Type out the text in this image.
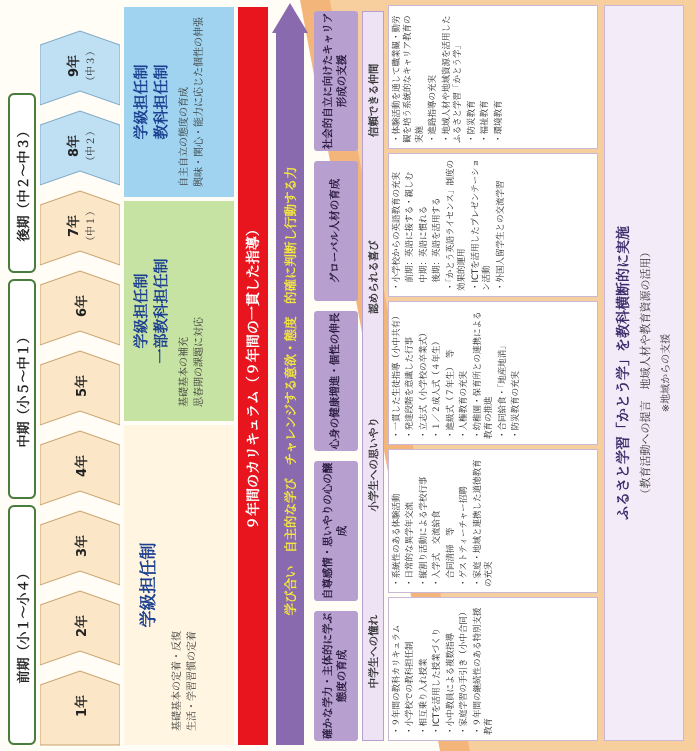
前期（小１〜小４）
中期（小５〜中１）
後期（中２〜中３）
1年
2年
3年
4年
5年
6年
7年 （中１）
8年 （中２）
9年 （中３）
学級担任制
基礎基本の定着・反復 生活・学習習慣の定着
学級担任制
一部教科担任制
基礎基本の補充 思春期の課題に対応
学級担任制
教科担任制 自主自立の態度の育成 興味・関心・能力に応じた個性の伸張
９年間のカリキュラム（９年間の一貫した指導） 学び合い　自主的な学び　チャレンジする意欲・態度　的確に判断し行動する力
確かな学力・主体的に学ぶ態度の育成
自尊感情・思いやりの心の醸成
心身の健康増進・個性の伸長
グローバル人材の育成
社会的自立に向けたキャリア形成の支援
中学生への憧れ
小学生への思いやり
認められる喜び
信頼できる仲間
・９年間の教科カリキュラム ・小学校での教科担任制 ・相互乗り入れ授業 ・ICTを活用した授業づくり ・小中教員による複数指導 ・家庭学習の手引き（小中合同） ・９年間の継続性のある特別支援教育
・系統性のある体験活動 ・日常的な異学年交流 ・縦割り活動による学校行事 ・入学式　交流給食 　合同清掃　等 ・ゲストティーチャー招聘 ・家庭・地域と連携した道徳教育の充実
・一貫した生徒指導（小中共有） ・発達段階を意識した行事 ・立志式（小学校の卒業式） ・１／２成人式（４年生） ・進級式（７年生）　等 ・人権教育の充実 ・幼稚園・保育所との連携による教育の推進 ・合同給食・「地産地消」 ・防災教育の充実
・小学校からの英語教育の充実 　前期：英語に接する・親しむ 　中期：英語に慣れる 　後期：英語を活用する ・「かとう英語ライセンス」制度の効果的運用 ・ICTを活用したプレゼンテーション活動 ・外国人留学生との交流学習
・体験活動を通して職業観・勤労観を培う系統的なキャリア教育の実施 ・進路指導の充実 ・地域人材や地域資源を活用したふるさと学習「かとう学」 ・防災教育 ・福祉教育 ・環境教育
ふるさと学習「かとう学」を教科横断的に実施 （教育活動への提言　地域人材や教育資源の活用） ※地域からの支援
